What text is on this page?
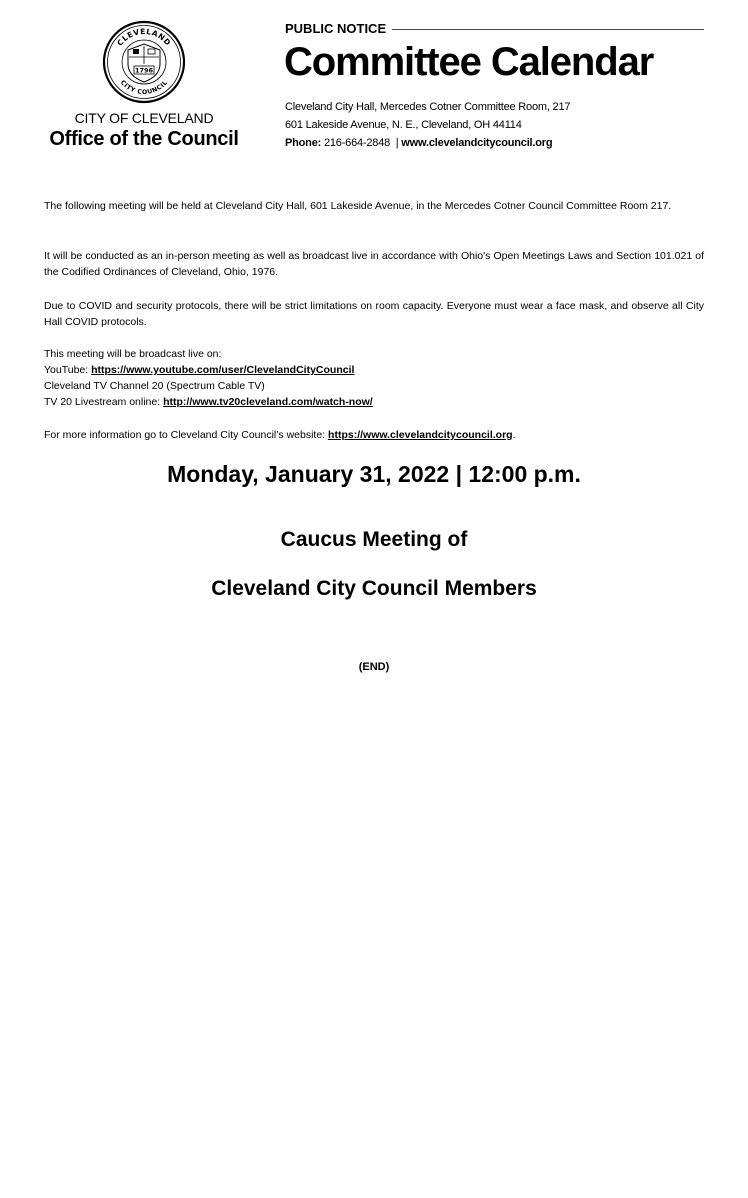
CLEVELAND
CITY COUNCIL
1796
CITY OF CLEVELAND
Office of the Council
PUBLIC NOTICE
Committee Calendar
Cleveland City Hall, Mercedes Cotner Committee Room, 217
601 Lakeside Avenue, N. E., Cleveland, OH 44114
Phone: 216-664-2848 | www.clevelandcitycouncil.org
The following meeting will be held at Cleveland City Hall, 601 Lakeside Avenue, in the Mercedes Cotner Council Committee Room 217.
It will be conducted as an in-person meeting as well as broadcast live in accordance with Ohio's Open Meetings Laws and Section 101.021 of the Codified Ordinances of Cleveland, Ohio, 1976.
Due to COVID and security protocols, there will be strict limitations on room capacity. Everyone must wear a face mask, and observe all City Hall COVID protocols.
This meeting will be broadcast live on:
YouTube: https://www.youtube.com/user/ClevelandCityCouncil
Cleveland TV Channel 20 (Spectrum Cable TV)
TV 20 Livestream online: http://www.tv20cleveland.com/watch-now/
For more information go to Cleveland City Council’s website: https://www.clevelandcitycouncil.org.
Monday, January 31, 2022 | 12:00 p.m.
Caucus Meeting of
Cleveland City Council Members
(END)
